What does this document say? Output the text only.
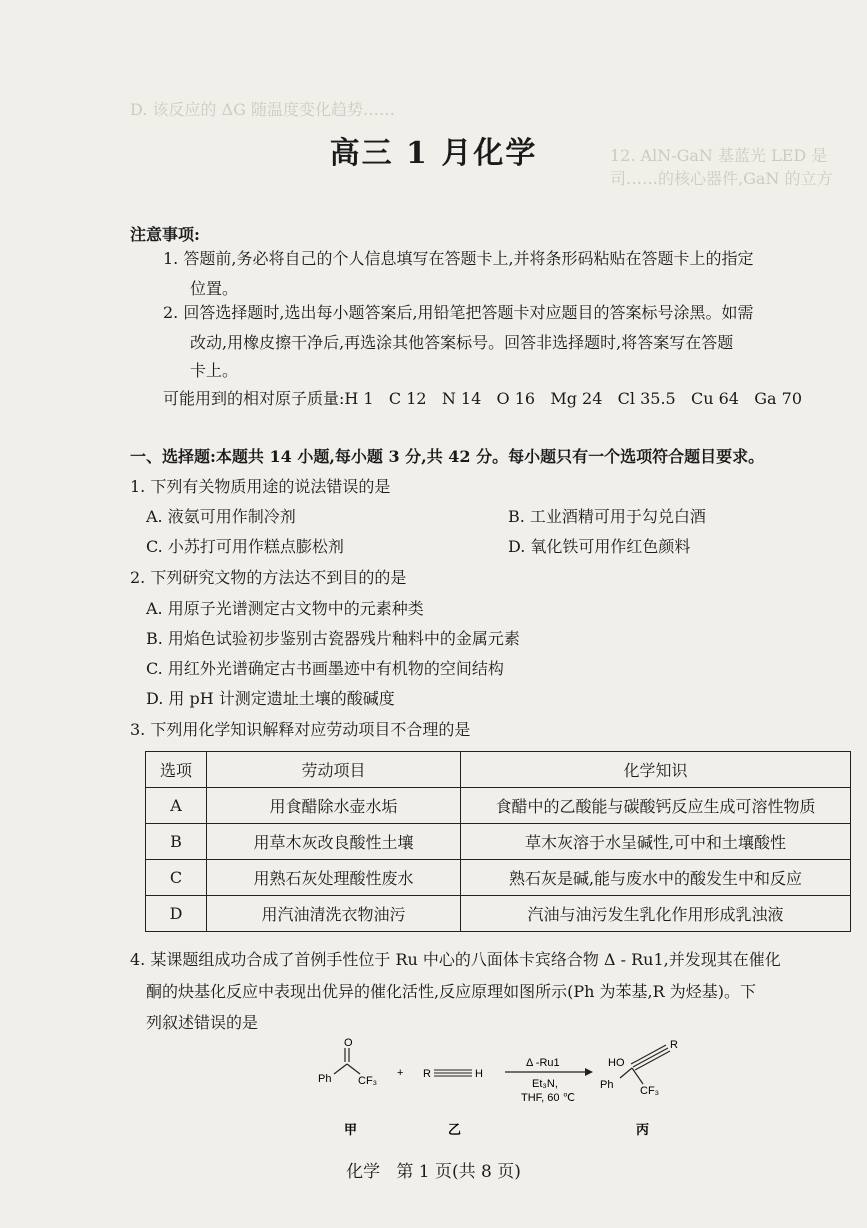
D. 该反应的 ΔG 随温度变化趋势……
12. AlN-GaN 基蓝光 LED 是司……的核心器件,GaN 的立方
高三 1 月化学
注意事项:
1. 答题前,务必将自己的个人信息填写在答题卡上,并将条形码粘贴在答题卡上的指定
位置。
2. 回答选择题时,选出每小题答案后,用铅笔把答题卡对应题目的答案标号涂黑。如需
改动,用橡皮擦干净后,再选涂其他答案标号。回答非选择题时,将答案写在答题
卡上。
可能用到的相对原子质量:H 1   C 12   N 14   O 16   Mg 24   Cl 35.5   Cu 64   Ga 70
一、选择题:本题共 14 小题,每小题 3 分,共 42 分。每小题只有一个选项符合题目要求。
1. 下列有关物质用途的说法错误的是
A. 液氨可用作制冷剂	B. 工业酒精可用于勾兑白酒
C. 小苏打可用作糕点膨松剂	D. 氧化铁可用作红色颜料
2. 下列研究文物的方法达不到目的的是
A. 用原子光谱测定古文物中的元素种类
B. 用焰色试验初步鉴别古瓷器残片釉料中的金属元素
C. 用红外光谱确定古书画墨迹中有机物的空间结构
D. 用 pH 计测定遗址土壤的酸碱度
3. 下列用化学知识解释对应劳动项目不合理的是
选项	劳动项目	化学知识
A	用食醋除水壶水垢	食醋中的乙酸能与碳酸钙反应生成可溶性物质
B	用草木灰改良酸性土壤	草木灰溶于水呈碱性,可中和土壤酸性
C	用熟石灰处理酸性废水	熟石灰是碱,能与废水中的酸发生中和反应
D	用汽油清洗衣物油污	汽油与油污发生乳化作用形成乳浊液
4. 某课题组成功合成了首例手性位于 Ru 中心的八面体卡宾络合物 Δ - Ru1,并发现其在催化
酮的炔基化反应中表现出优异的催化活性,反应原理如图所示(Ph 为苯基,R 为烃基)。下
列叙述错误的是
O
Ph CF₃
甲
+ R	H
乙
Δ -Ru1
Et₃N,
THF, 60 ℃
HO
Ph
R
CF₃
丙
化学   第 1 页(共 8 页)
